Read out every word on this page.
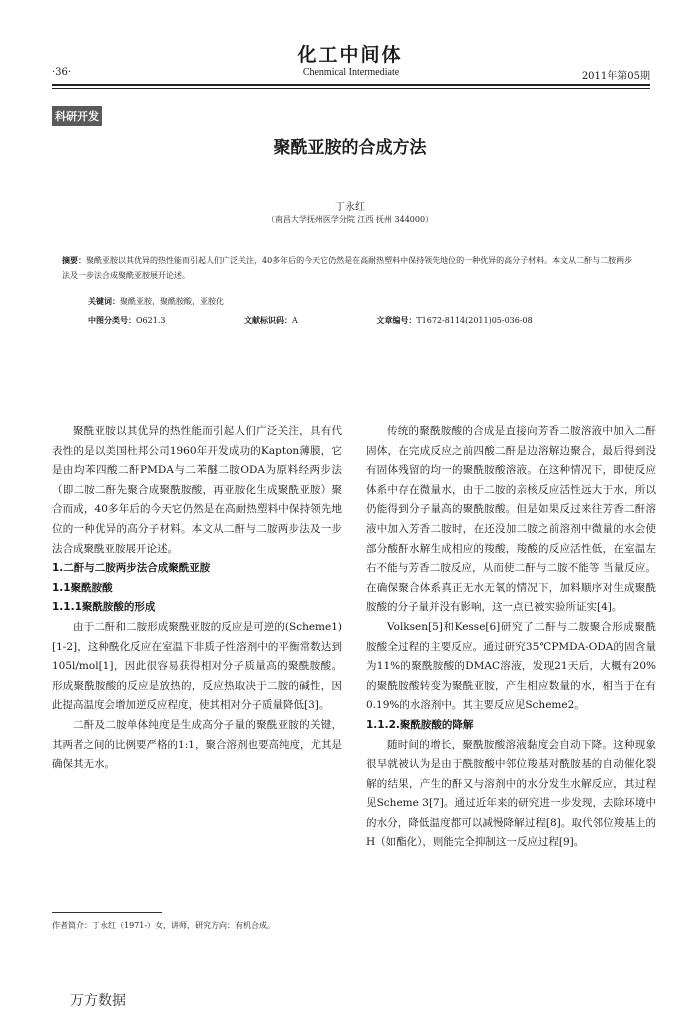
化工中间体
Chenmical Intermediate
·36·	2011年第05期
科研开发
聚酰亚胺的合成方法
丁永红
（南昌大学抚州医学分院 江西 抚州 344000）
摘要：聚酰亚胺以其优异的热性能而引起人们广泛关注，40多年后的今天它仍然是在高耐热塑料中保持领先地位的一种优异的高分子材料。本文从二酐与二胺两步法及一步法合成聚酰亚胺展开论述。
关键词：聚酰亚胺，聚酰胺酸，亚胺化
中图分类号：O621.3	文献标识码：A	文章编号：T1672-8114(2011)05-036-08

聚酰亚胺以其优异的热性能而引起人们广泛关注，具有代表性的是以美国杜邦公司1960年开发成功的Kapton薄膜，它是由均苯四酸二酐PMDA与二苯醚二胺ODA为原料经两步法（即二胺二酐先聚合成聚酰胺酸，再亚胺化生成聚酰亚胺）聚合而成，40多年后的今天它仍然是在高耐热塑料中保持领先地位的一种优异的高分子材料。本文从二酐与二胺两步法及一步法合成聚酰亚胺展开论述。

1.二酐与二胺两步法合成聚酰亚胺

1.1聚酰胺酸

1.1.1聚酰胺酸的形成

由于二酐和二胺形成聚酰亚胺的反应是可逆的(Scheme1)[1-2]，这种酰化反应在室温下非质子性溶剂中的平衡常数达到105l/mol[1]，因此很容易获得相对分子质量高的聚酰胺酸。形成聚酰胺酸的反应是放热的，反应热取决于二胺的碱性，因此提高温度会增加逆反应程度，使其相对分子质量降低[3]。

二酐及二胺单体纯度是生成高分子量的聚酰亚胺的关键，其两者之间的比例要严格的1:1，聚合溶剂也要高纯度，尤其是确保其无水。

传统的聚酰胺酸的合成是直接向芳香二胺溶液中加入二酐固体，在完成反应之前四酸二酐是边溶解边聚合，最后得到没有固体残留的均一的聚酰胺酸溶液。在这种情况下，即使反应体系中存在微量水，由于二胺的亲核反应活性远大于水，所以仍能得到分子量高的聚酰胺酸。但是如果反过来往芳香二酐溶液中加入芳香二胺时，在还没加二胺之前溶剂中微量的水会使部分酸酐水解生成相应的羧酸，羧酸的反应活性低，在室温左右不能与芳香二胺反应，从而使二酐与二胺不能等 当量反应。在确保聚合体系真正无水无氧的情况下，加料顺序对生成聚酰胺酸的分子量并没有影响，这一点已被实验所证实[4]。

Volksen[5]和Kesse[6]研究了二酐与二胺聚合形成聚酰胺酸全过程的主要反应。通过研究35℃PMDA-ODA的固含量为11%的聚酰胺酸的DMAC溶液，发现21天后，大概有20%的聚酰胺酸转变为聚酰亚胺，产生相应数量的水，相当于在有0.19%的水溶剂中。其主要反应见Scheme2。

1.1.2.聚酰胺酸的降解

随时间的增长，聚酰胺酸溶液黏度会自动下降。这种现象很早就被认为是由于酰胺酸中邻位羧基对酰胺基的自动催化裂解的结果，产生的酐又与溶剂中的水分发生水解反应，其过程见Scheme 3[7]。通过近年来的研究进一步发现，去除环境中的水分，降低温度都可以减慢降解过程[8]。取代邻位羧基上的H（如酯化），则能完全抑制这一反应过程[9]。

作者简介：丁永红（1971-）女，讲师，研究方向：有机合成。
万方数据
